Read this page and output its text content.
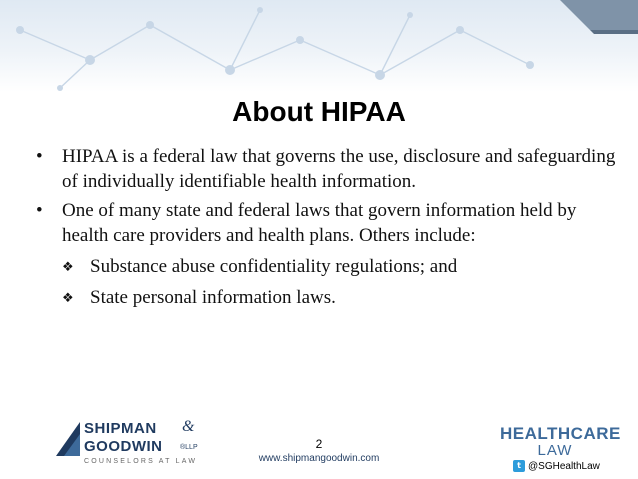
About HIPAA
• HIPAA is a federal law that governs the use, disclosure and safeguarding of individually identifiable health information.
• One of many state and federal laws that govern information held by health care providers and health plans. Others include:
❖ Substance abuse confidentiality regulations; and
❖ State personal information laws.
SHIPMAN &
GOODWIN	®LLP
COUNSELORS AT LAW
2
www.shipmangoodwin.com
HEALTHCARE
LAW
t @SGHealthLaw
